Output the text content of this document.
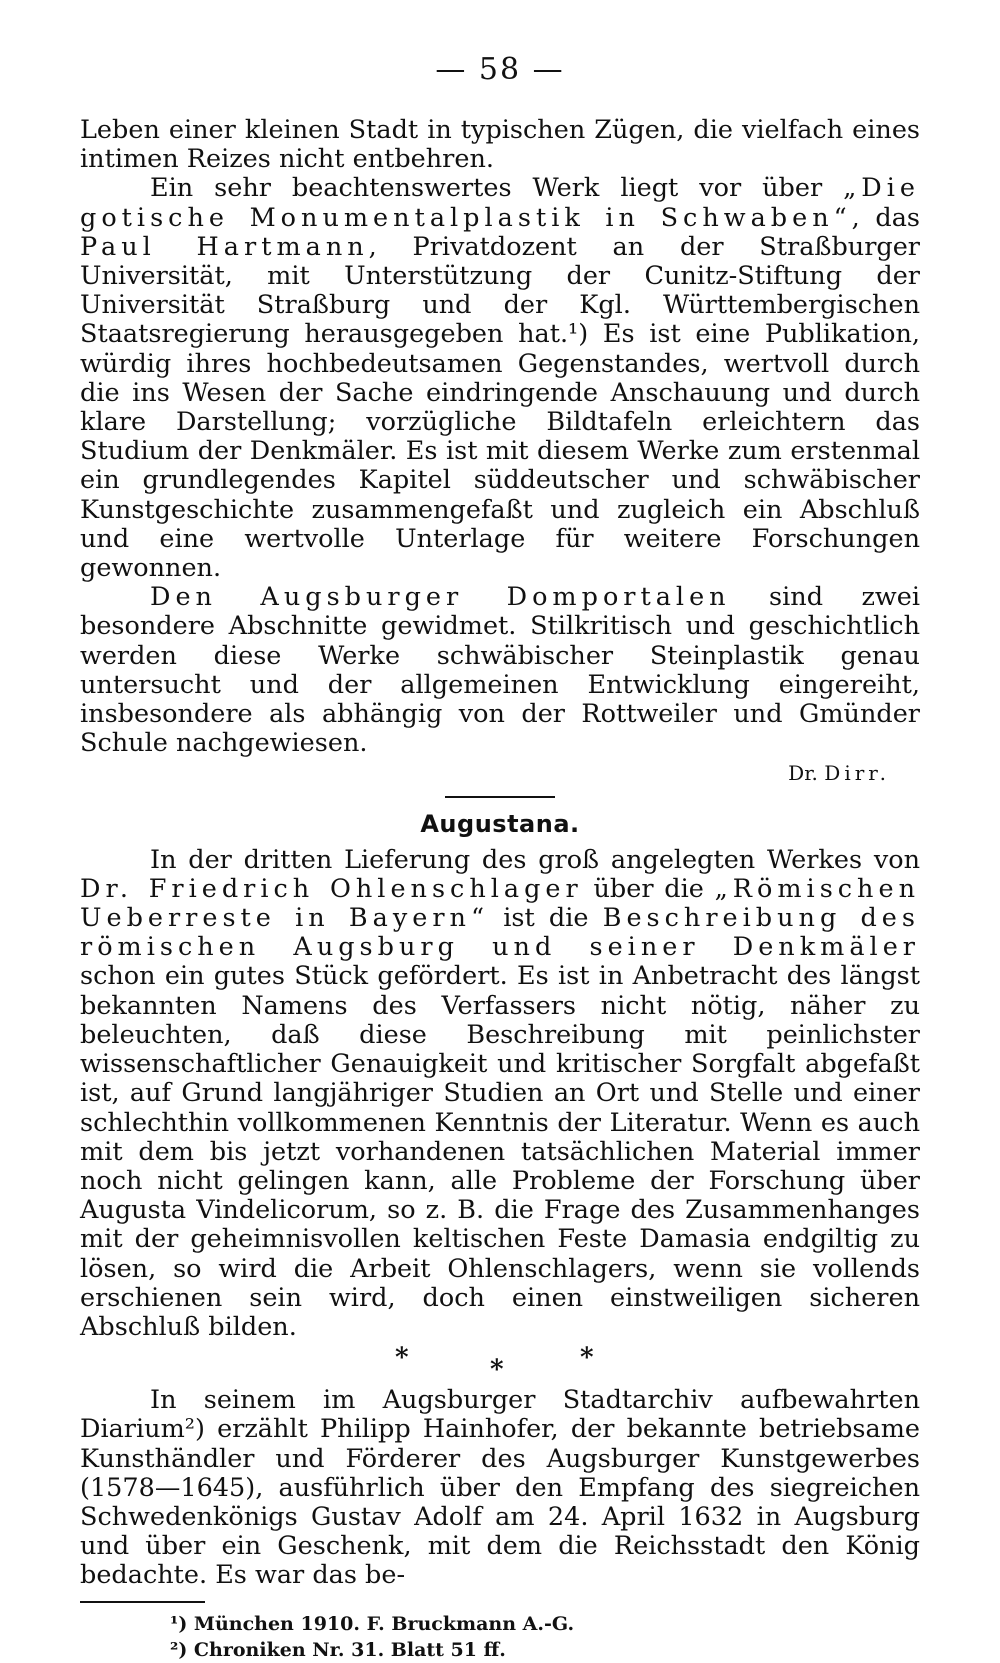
— 58 —

Leben einer kleinen Stadt in typischen Zügen, die vielfach eines intimen Reizes nicht entbehren.

Ein sehr beachtenswertes Werk liegt vor über „Die gotische Monumentalplastik in Schwaben“, das Paul Hartmann, Privatdozent an der Straßburger Universität, mit Unterstützung der Cunitz-Stiftung der Universität Straßburg und der Kgl. Württembergischen Staatsregierung herausgegeben hat.¹) Es ist eine Publikation, würdig ihres hochbedeutsamen Gegenstandes, wertvoll durch die ins Wesen der Sache eindringende Anschauung und durch klare Darstellung; vorzügliche Bildtafeln erleichtern das Studium der Denkmäler. Es ist mit diesem Werke zum erstenmal ein grundlegendes Kapitel süddeutscher und schwäbischer Kunstgeschichte zusammengefaßt und zugleich ein Abschluß und eine wertvolle Unterlage für weitere Forschungen gewonnen.

Den Augsburger Domportalen sind zwei besondere Abschnitte gewidmet. Stilkritisch und geschichtlich werden diese Werke schwäbischer Steinplastik genau untersucht und der allgemeinen Entwicklung eingereiht, insbesondere als abhängig von der Rottweiler und Gmünder Schule nachgewiesen.

Dr. Dirr.
Augustana.

In der dritten Lieferung des groß angelegten Werkes von Dr. Friedrich Ohlenschlager über die „Römischen Ueberreste in Bayern“ ist die Beschreibung des römischen Augsburg und seiner Denkmäler schon ein gutes Stück gefördert. Es ist in Anbetracht des längst bekannten Namens des Verfassers nicht nötig, näher zu beleuchten, daß diese Beschreibung mit peinlichster wissenschaftlicher Genauigkeit und kritischer Sorgfalt abgefaßt ist, auf Grund langjähriger Studien an Ort und Stelle und einer schlechthin vollkommenen Kenntnis der Literatur. Wenn es auch mit dem bis jetzt vorhandenen tatsächlichen Material immer noch nicht gelingen kann, alle Probleme der Forschung über Augusta Vindelicorum, so z. B. die Frage des Zusammenhanges mit der geheimnisvollen keltischen Feste Damasia endgiltig zu lösen, so wird die Arbeit Ohlenschlagers, wenn sie vollends erschienen sein wird, doch einen einstweiligen sicheren Abschluß bilden.

*	*	*

In seinem im Augsburger Stadtarchiv aufbewahrten Diarium²) erzählt Philipp Hainhofer, der bekannte betriebsame Kunsthändler und Förderer des Augsburger Kunstgewerbes (1578—1645), ausführlich über den Empfang des siegreichen Schwedenkönigs Gustav Adolf am 24. April 1632 in Augsburg und über ein Geschenk, mit dem die Reichsstadt den König bedachte. Es war das be-

¹) München 1910. F. Bruckmann A.-G.
²) Chroniken Nr. 31. Blatt 51 ff.
